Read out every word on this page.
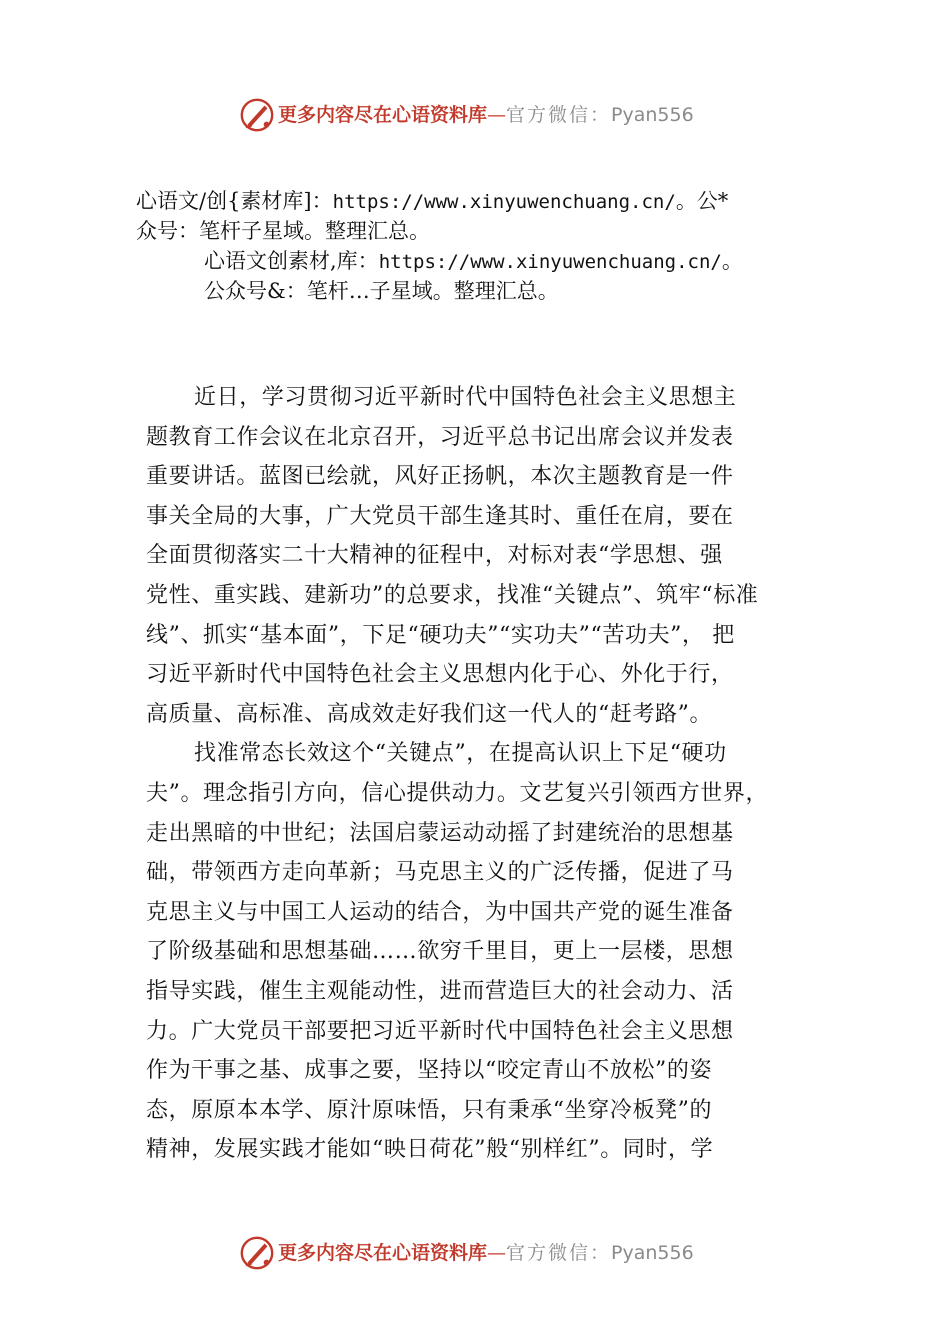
更多内容尽在心语资料库—官方微信：Pyan556
心语文/创{素材库]：https://www.xinyuwenchuang.cn/。公*
众号：笔杆子星域。整理汇总。
心语文创素材,库：https://www.xinyuwenchuang.cn/。
公众号&：笔杆…子星域。整理汇总。
近日，学习贯彻习近平新时代中国特色社会主义思想主
题教育工作会议在北京召开，习近平总书记出席会议并发表
重要讲话。蓝图已绘就，风好正扬帆，本次主题教育是一件
事关全局的大事，广大党员干部生逢其时、重任在肩，要在
全面贯彻落实二十大精神的征程中，对标对表“学思想、强
党性、重实践、建新功”的总要求，找准“关键点”、筑牢“标准
线”、抓实“基本面”，下足“硬功夫”“实功夫”“苦功夫”， 把
习近平新时代中国特色社会主义思想内化于心、外化于行，
高质量、高标准、高成效走好我们这一代人的“赶考路”。
找准常态长效这个“关键点”，在提高认识上下足“硬功
夫”。理念指引方向，信心提供动力。文艺复兴引领西方世界，
走出黑暗的中世纪；法国启蒙运动动摇了封建统治的思想基
础，带领西方走向革新；马克思主义的广泛传播，促进了马
克思主义与中国工人运动的结合，为中国共产党的诞生准备
了阶级基础和思想基础……欲穷千里目，更上一层楼，思想
指导实践，催生主观能动性，进而营造巨大的社会动力、活
力。广大党员干部要把习近平新时代中国特色社会主义思想
作为干事之基、成事之要，坚持以“咬定青山不放松”的姿
态，原原本本学、原汁原味悟，只有秉承“坐穿冷板凳”的
精神，发展实践才能如“映日荷花”般“别样红”。同时，学
更多内容尽在心语资料库—官方微信：Pyan556
